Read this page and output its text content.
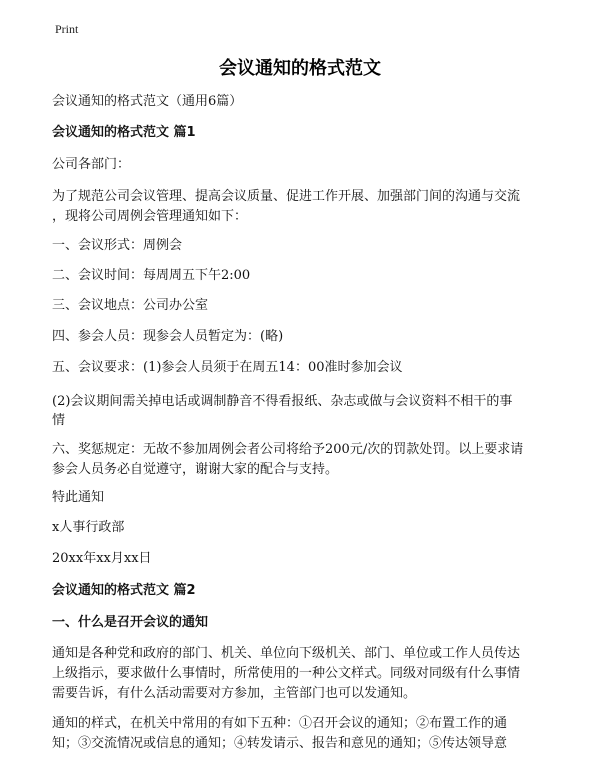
Print
会议通知的格式范文
会议通知的格式范文（通用6篇）
会议通知的格式范文 篇1
公司各部门：
为了规范公司会议管理、提高会议质量、促进工作开展、加强部门间的沟通与交流
，现将公司周例会管理通知如下：
一、会议形式：周例会
二、会议时间：每周周五下午2:00
三、会议地点：公司办公室
四、参会人员：现参会人员暂定为：(略)
五、会议要求：(1)参会人员须于在周五14：00准时参加会议
(2)会议期间需关掉电话或调制静音不得看报纸、杂志或做与会议资料不相干的事
情
六、奖惩规定：无故不参加周例会者公司将给予200元/次的罚款处罚。以上要求请
参会人员务必自觉遵守，谢谢大家的配合与支持。
特此通知
x人事行政部
20xx年xx月xx日
会议通知的格式范文 篇2
一、什么是召开会议的通知
通知是各种党和政府的部门、机关、单位向下级机关、部门、单位或工作人员传达
上级指示，要求做什么事情时，所常使用的一种公文样式。同级对同级有什么事情
需要告诉，有什么活动需要对方参加，主管部门也可以发通知。
通知的样式，在机关中常用的有如下五种：①召开会议的通知；②布置工作的通
知；③交流情况或信息的通知；④转发请示、报告和意见的通知；⑤传达领导意
